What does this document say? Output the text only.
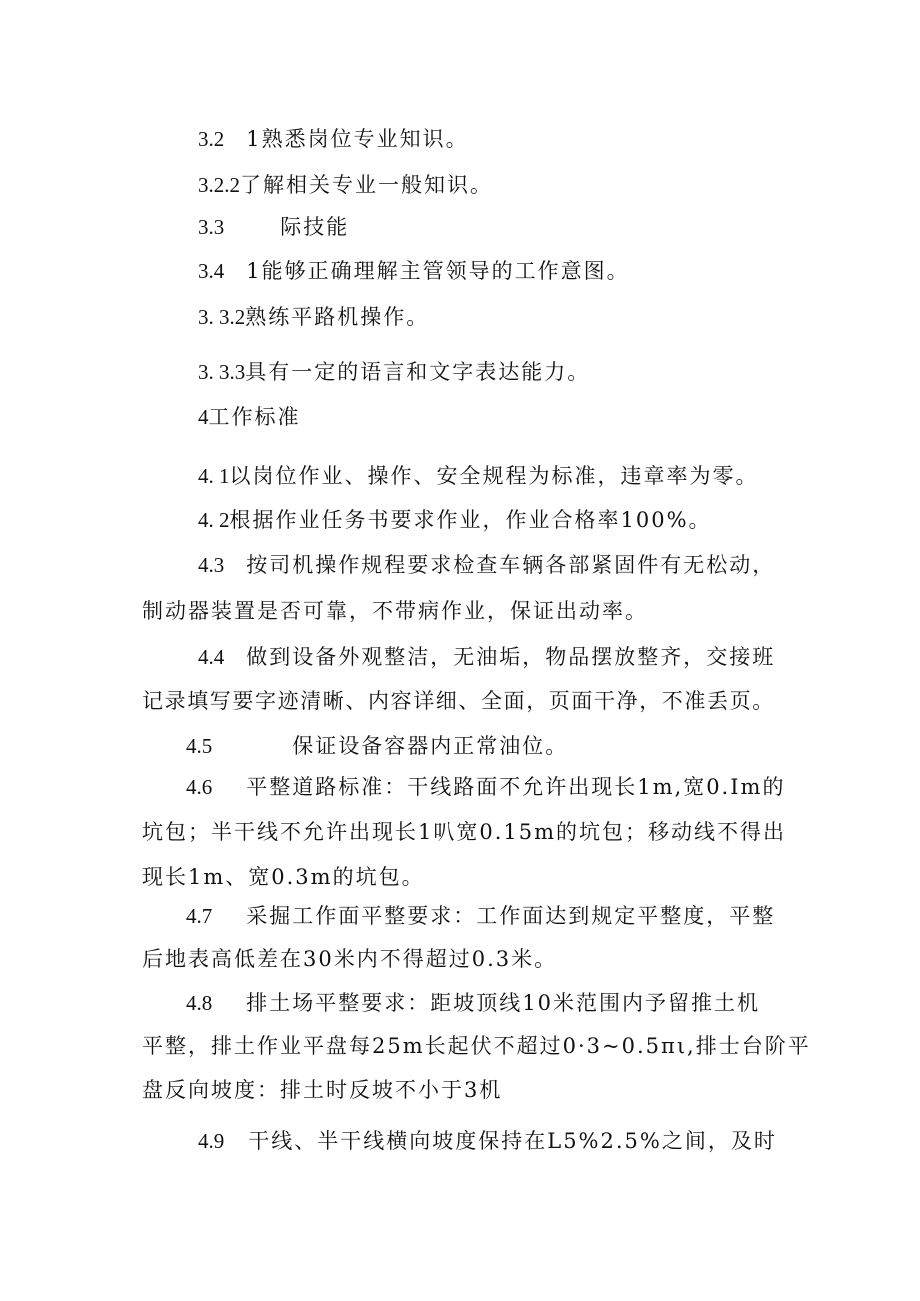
3.2 1熟悉岗位专业知识。
3.2.2了解相关专业一般知识。
3.3	际技能
3.4 1能够正确理解主管领导的工作意图。
3. 3.2熟练平路机操作。
3. 3.3具有一定的语言和文字表达能力。
4工作标准
4. 1以岗位作业、操作、安全规程为标准，违章率为零。
4. 2根据作业任务书要求作业，作业合格率100%。
4.3 按司机操作规程要求检查车辆各部紧固件有无松动，
制动器装置是否可靠，不带病作业，保证出动率。
4.4 做到设备外观整洁，无油垢，物品摆放整齐，交接班
记录填写要字迹清晰、内容详细、全面，页面干净，不准丢页。
4.5	保证设备容器内正常油位。
4.6 平整道路标准：干线路面不允许出现长1m,宽0.Im的
坑包；半干线不允许出现长1叭宽0.15m的坑包；移动线不得出
现长1m、宽0.3m的坑包。
4.7 采掘工作面平整要求：工作面达到规定平整度，平整
后地表高低差在30米内不得超过0.3米。
4.8 排土场平整要求：距坡顶线10米范围内予留推土机
平整，排土作业平盘每25m长起伏不超过0·3~0.5πι,排士台阶平
盘反向坡度：排土时反坡不小于3机
4.9 干线、半干线横向坡度保持在L5%2.5%之间，及时
